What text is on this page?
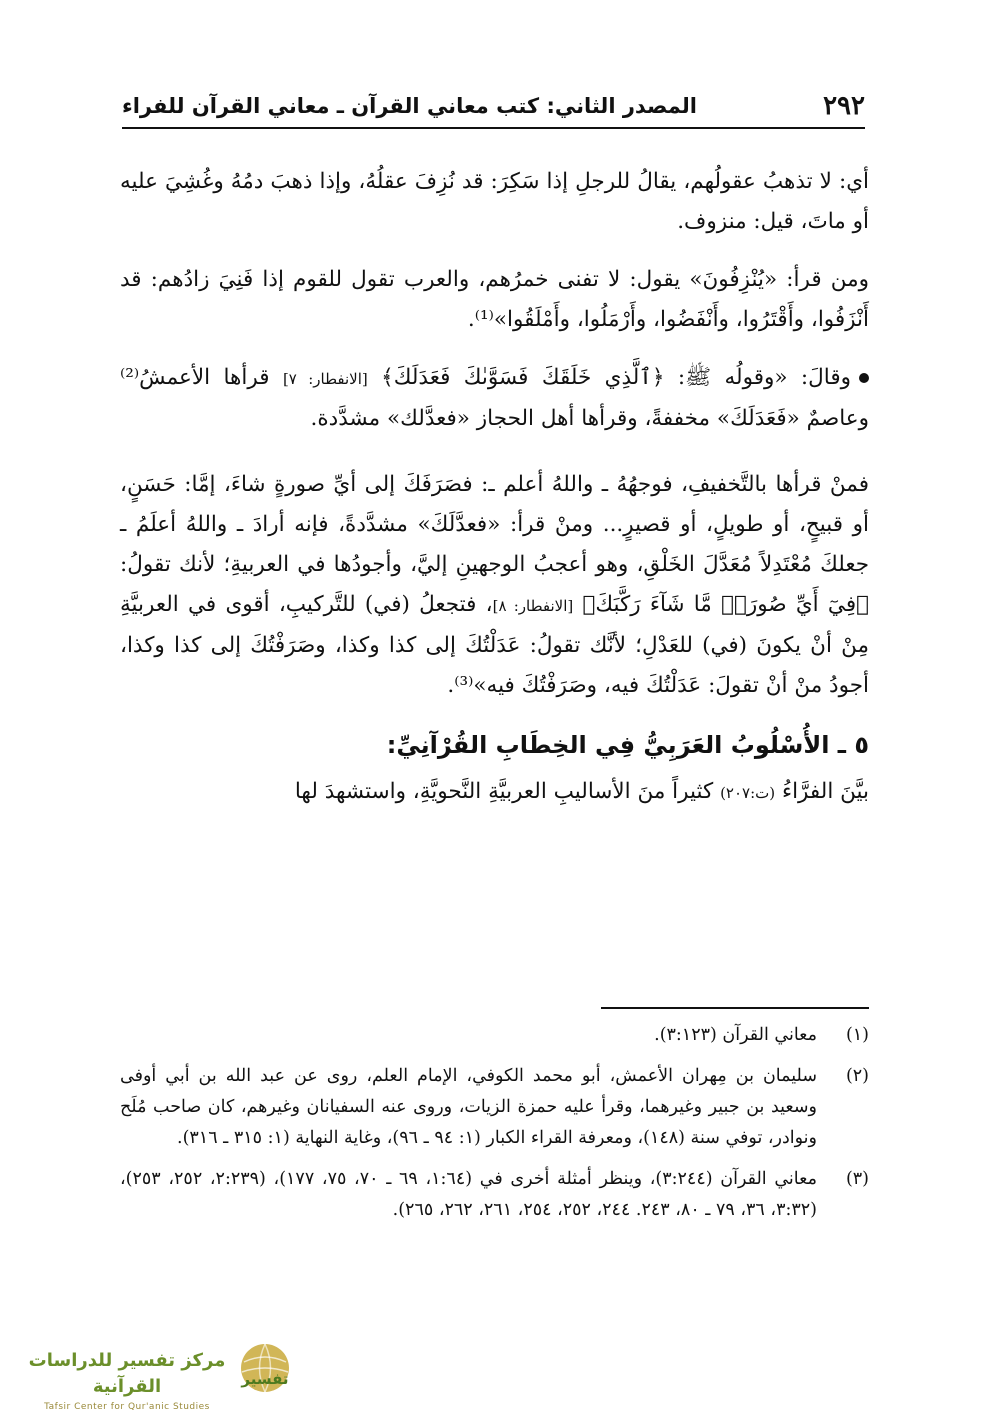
٢٩٢
المصدر الثاني: كتب معاني القرآن ـ معاني القرآن للفراء

أي: لا تذهبُ عقولُهم، يقالُ للرجلِ إذا سَكِرَ: قد نُزِفَ عقلُهُ، وإذا ذهبَ دمُهُ وغُشِيَ عليه أو ماتَ، قيل: منزوف.

ومن قرأ: «يُنْزِفُونَ» يقول: لا تفنى خمرُهم، والعرب تقول للقوم إذا فَنِيَ زادُهم: قد أَنْزَفُوا، وأَقْتَرُوا، وأَنْفَضُوا، وأَرْمَلُوا، وأَمْلَقُوا»⁽¹⁾.

وقالَ: «وقولُه ﷺ: ﴿ٱلَّذِي خَلَقَكَ فَسَوَّىٰكَ فَعَدَلَكَ﴾ [الانفطار: ٧] قرأها الأعمشُ⁽²⁾ وعاصمٌ «فَعَدَلَكَ» مخففةً، وقرأها أهل الحجاز «فعدَّلك» مشدَّدة.

فمنْ قرأها بالتَّخفيفِ، فوجهُهُ ـ واللهُ أعلم ـ: فصَرَفَكَ إلى أيِّ صورةٍ شاءَ، إمَّا: حَسَنٍ، أو قبيحٍ، أو طويلٍ، أو قصيرٍ... ومنْ قرأ: «فعدَّلَكَ» مشدَّدةً، فإنه أرادَ ـ واللهُ أعلَمُ ـ جعلكَ مُعْتَدِلاً مُعَدَّلَ الخَلْقِ، وهو أعجبُ الوجهينِ إليَّ، وأجودُها في العربيةِ؛ لأنك تقولُ: ﴿فِيٓ أَيِّ صُورَةٖ مَّا شَآءَ رَكَّبَكَ﴾ [الانفطار: ٨]، فتجعلُ (في) للتَّركيبِ، أقوى في العربيَّةِ مِنْ أنْ يكونَ (في) للعَدْلِ؛ لأنَّك تقولُ: عَدَلْتُكَ إلى كذا وكذا، وصَرَفْتُكَ إلى كذا وكذا، أجودُ منْ أنْ تقولَ: عَدَلْتُكَ فيه، وصَرَفْتُكَ فيه»⁽³⁾.

٥ ـ الأُسْلُوبُ العَرَبِيُّ فِي الخِطَابِ القُرْآنِيِّ:

بيَّنَ الفرَّاءُ (ت:٢٠٧) كثيراً منَ الأساليبِ العربيَّةِ النَّحويَّةِ، واستشهدَ لها

(١)
معاني القرآن (٣:١٢٣).
(٢)
سليمان بن مِهران الأعمش، أبو محمد الكوفي، الإمام العلم، روى عن عبد الله بن أبي أوفى وسعيد بن جبير وغيرهما، وقرأ عليه حمزة الزيات، وروى عنه السفيانان وغيرهم، كان صاحب مُلَح ونوادر، توفي سنة (١٤٨)، ومعرفة القراء الكبار (١: ٩٤ ـ ٩٦)، وغاية النهاية (١: ٣١٥ ـ ٣١٦).
(٣)
معاني القرآن (٣:٢٤٤)، وينظر أمثلة أخرى في (١:٦٤، ٦٩ ـ ٧٠، ٧٥، ١٧٧)، (٢:٢٣٩، ٢٥٢، ٢٥٣)، (٣:٣٢، ٣٦، ٧٩ ـ ٨٠، ٢٤٣. ٢٤٤، ٢٥٢، ٢٥٤، ٢٦١، ٢٦٢، ٢٦٥).
مركز تفسير للدراسات القرآنية
Tafsir Center for Qur'anic Studies
تفسير
